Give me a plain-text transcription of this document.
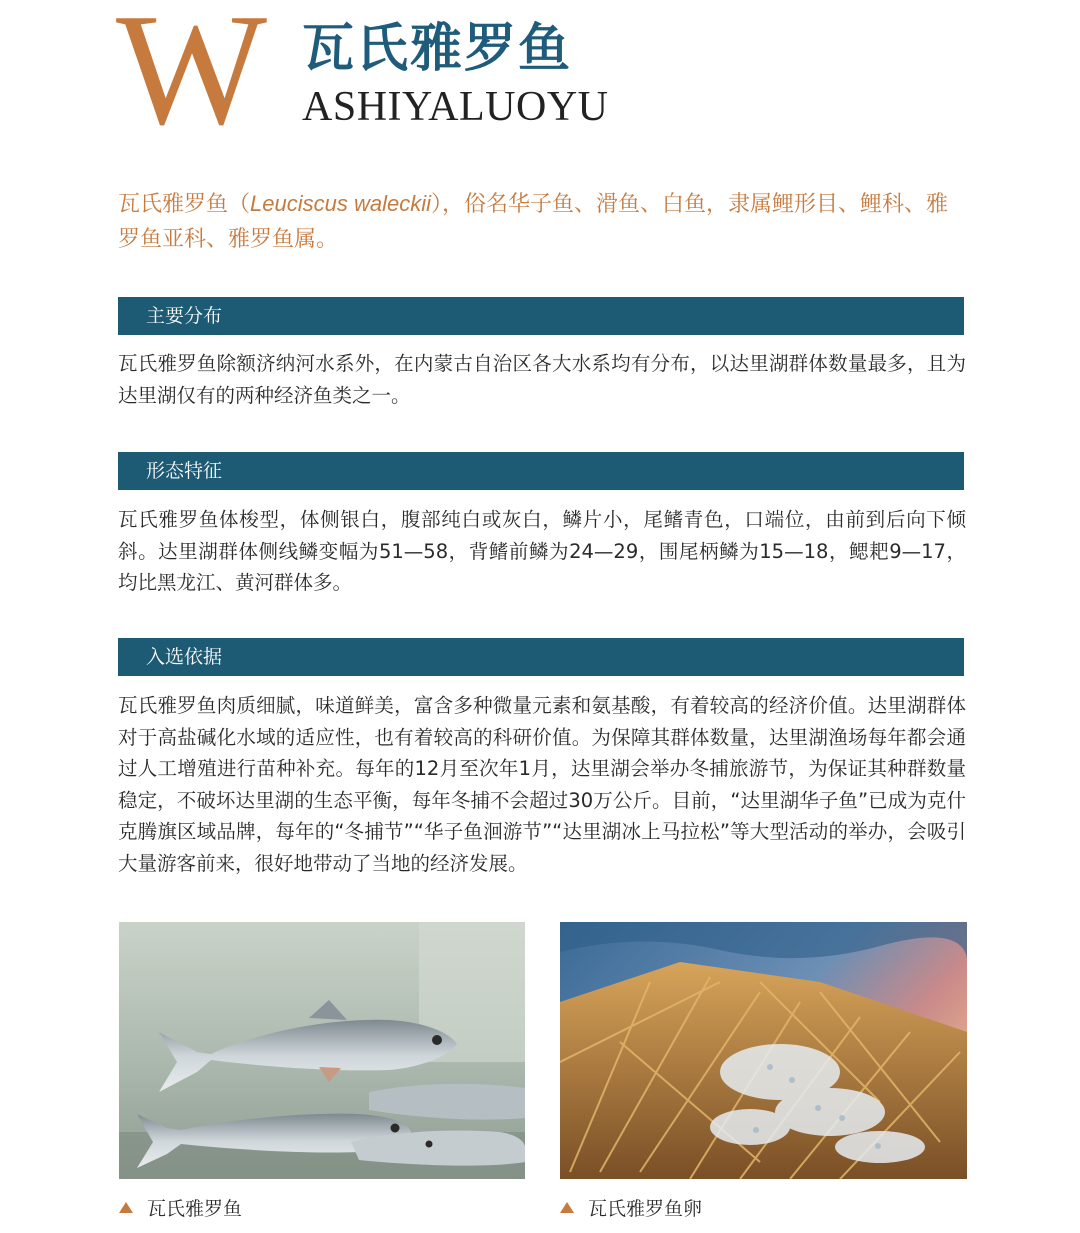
W 瓦氏雅罗鱼
ASHIYALUOYU

瓦氏雅罗鱼（Leuciscus waleckii），俗名华子鱼、滑鱼、白鱼，隶属鲤形目、鲤科、雅罗鱼亚科、雅罗鱼属。

主要分布

瓦氏雅罗鱼除额济纳河水系外，在内蒙古自治区各大水系均有分布，以达里湖群体数量最多，且为达里湖仅有的两种经济鱼类之一。

形态特征

瓦氏雅罗鱼体梭型，体侧银白，腹部纯白或灰白，鳞片小，尾鳍青色，口端位，由前到后向下倾斜。达里湖群体侧线鳞变幅为51—58，背鳍前鳞为24—29，围尾柄鳞为15—18，鳃耙9—17，均比黑龙江、黄河群体多。

入选依据

瓦氏雅罗鱼肉质细腻，味道鲜美，富含多种微量元素和氨基酸，有着较高的经济价值。达里湖群体对于高盐碱化水域的适应性，也有着较高的科研价值。为保障其群体数量，达里湖渔场每年都会通过人工增殖进行苗种补充。每年的12月至次年1月，达里湖会举办冬捕旅游节，为保证其种群数量稳定，不破坏达里湖的生态平衡，每年冬捕不会超过30万公斤。目前，“达里湖华子鱼”已成为克什克腾旗区域品牌，每年的“冬捕节”“华子鱼洄游节”“达里湖冰上马拉松”等大型活动的举办，会吸引大量游客前来，很好地带动了当地的经济发展。

瓦氏雅罗鱼	瓦氏雅罗鱼卵
